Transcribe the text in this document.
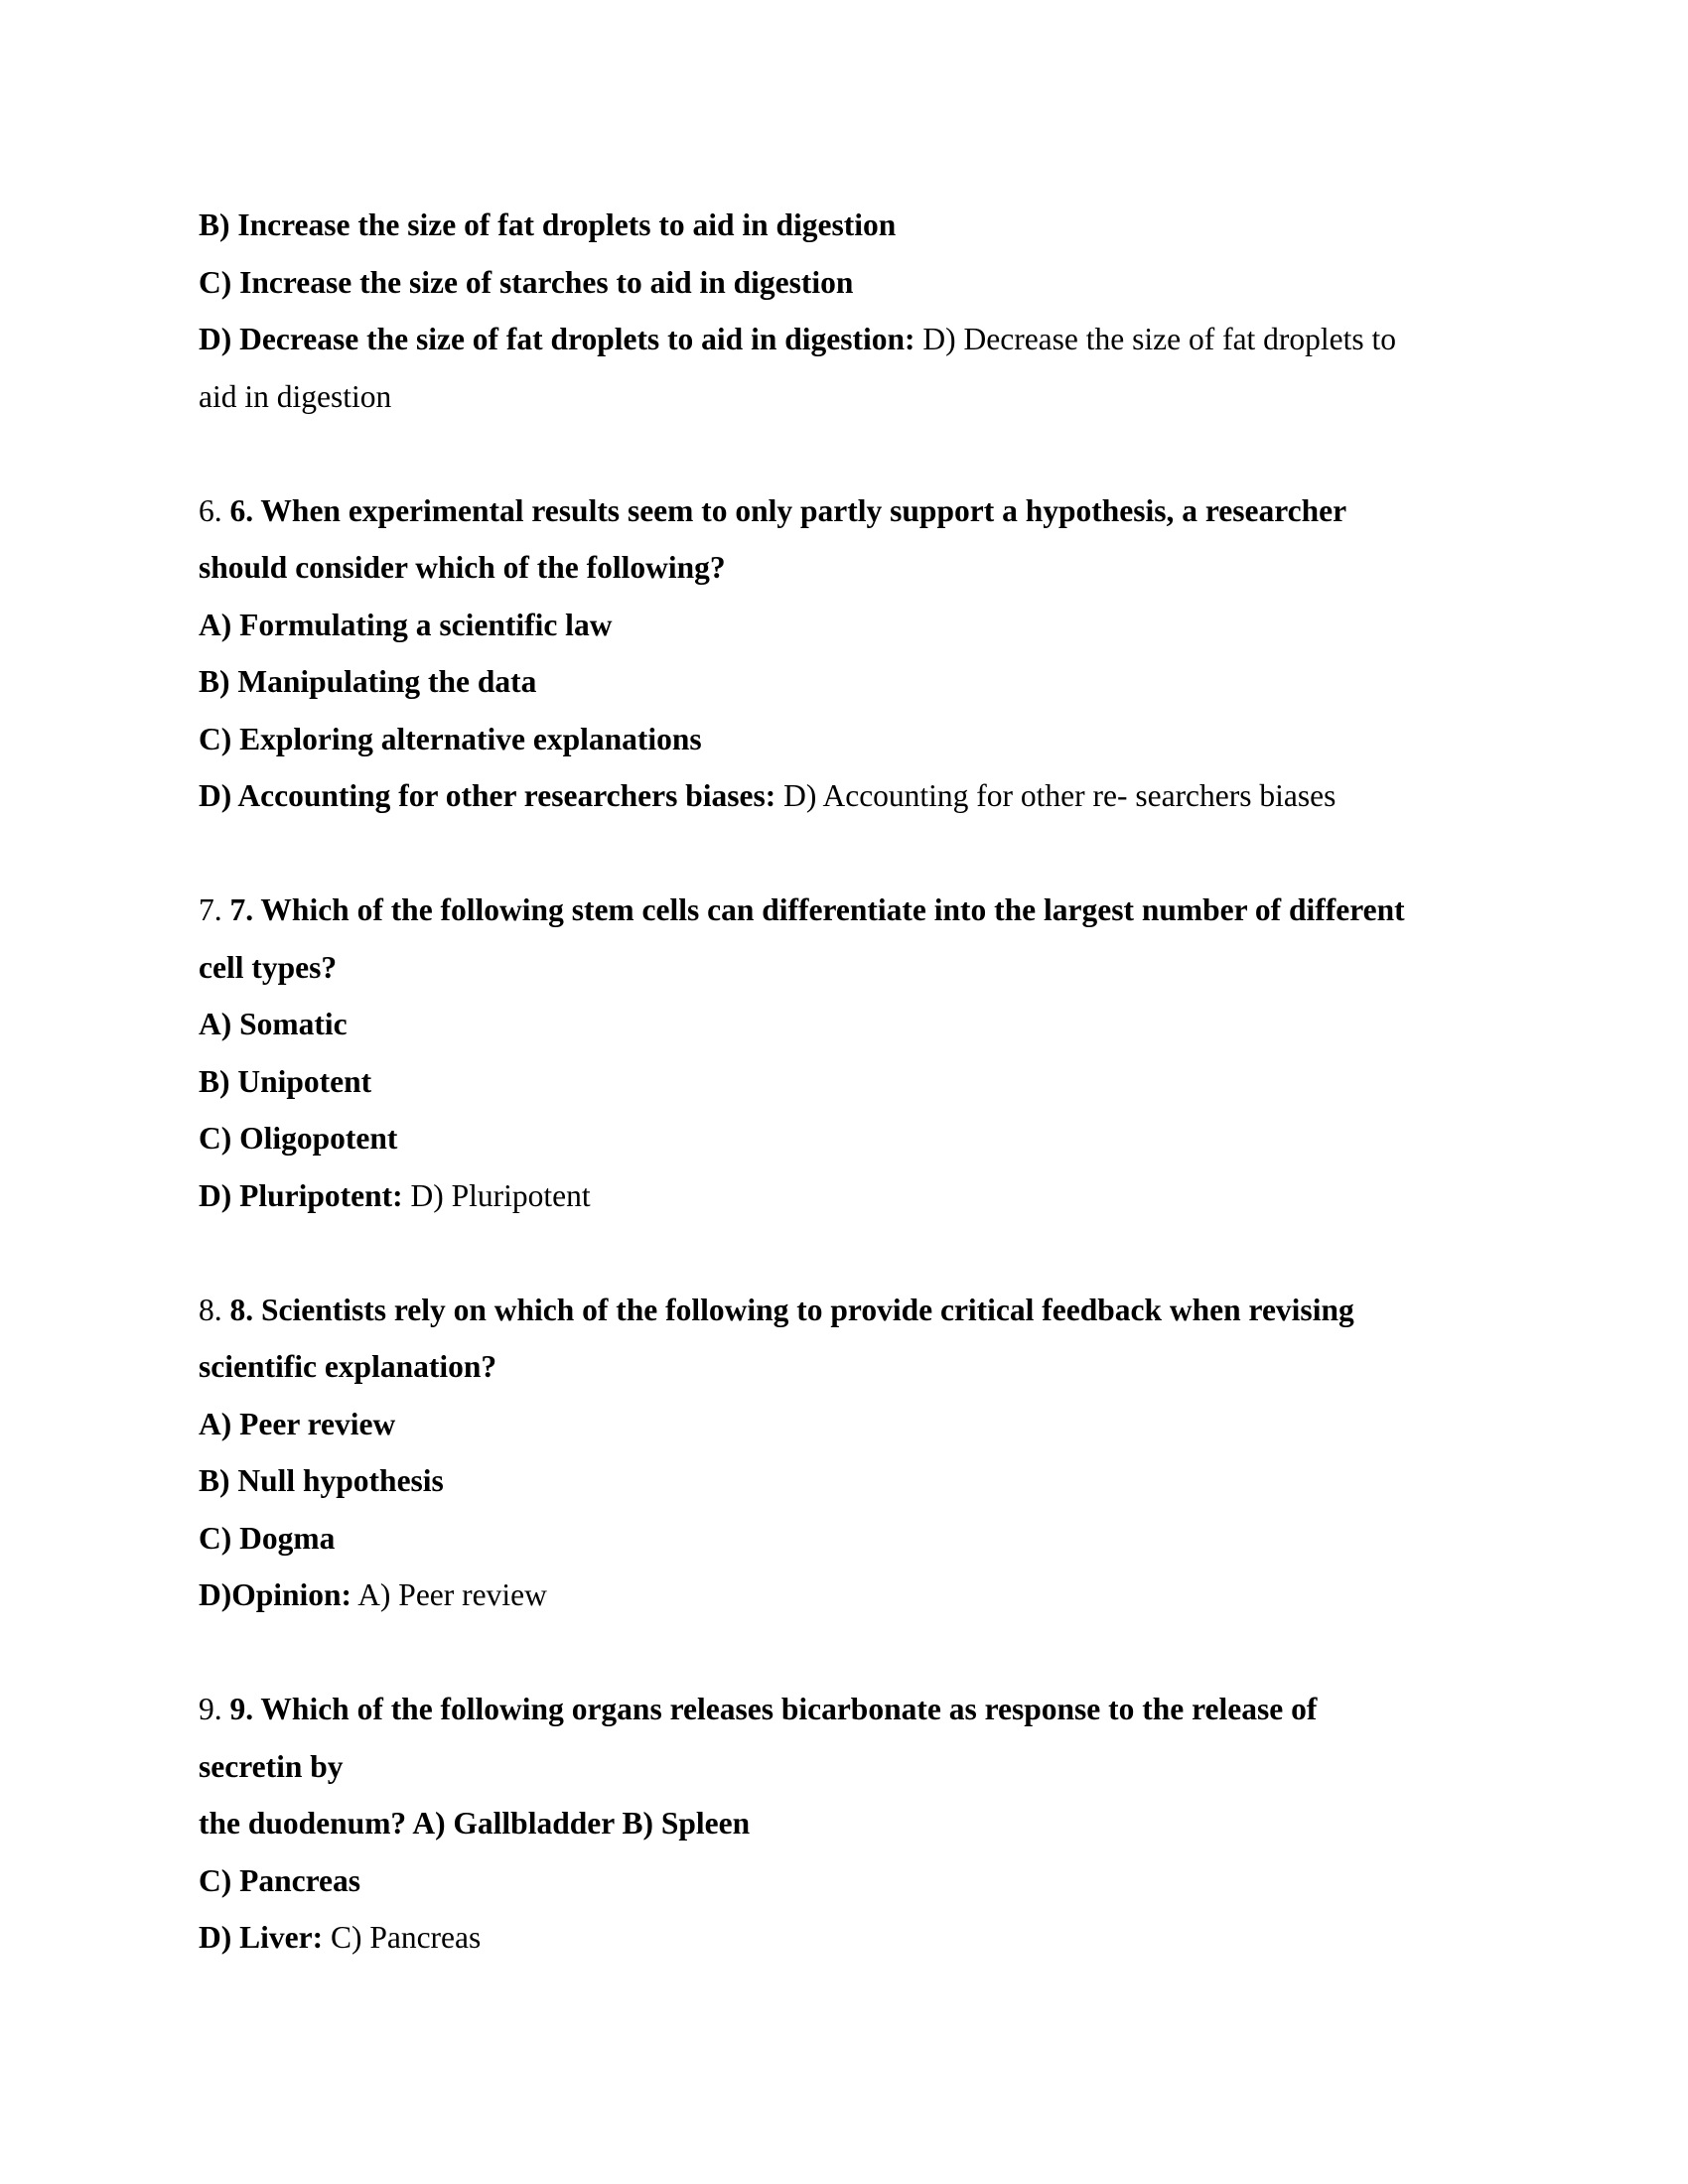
B) Increase the size of fat droplets to aid in digestion

C) Increase the size of starches to aid in digestion

D) Decrease the size of fat droplets to aid in digestion: D) Decrease the size of fat droplets to

aid in digestion

6. 6. When experimental results seem to only partly support a hypothesis, a researcher

should consider which of the following?

A) Formulating a scientific law

B) Manipulating the data

C) Exploring alternative explanations

D) Accounting for other researchers biases: D) Accounting for other re- searchers biases

7. 7. Which of the following stem cells can differentiate into the largest number of different

cell types?

A) Somatic

B) Unipotent

C) Oligopotent

D) Pluripotent: D) Pluripotent

8. 8. Scientists rely on which of the following to provide critical feedback when revising

scientific explanation?

A) Peer review

B) Null hypothesis

C) Dogma

D)Opinion: A) Peer review

9. 9. Which of the following organs releases bicarbonate as response to the release of

secretin by

the duodenum? A) Gallbladder B) Spleen

C) Pancreas

D) Liver: C) Pancreas
